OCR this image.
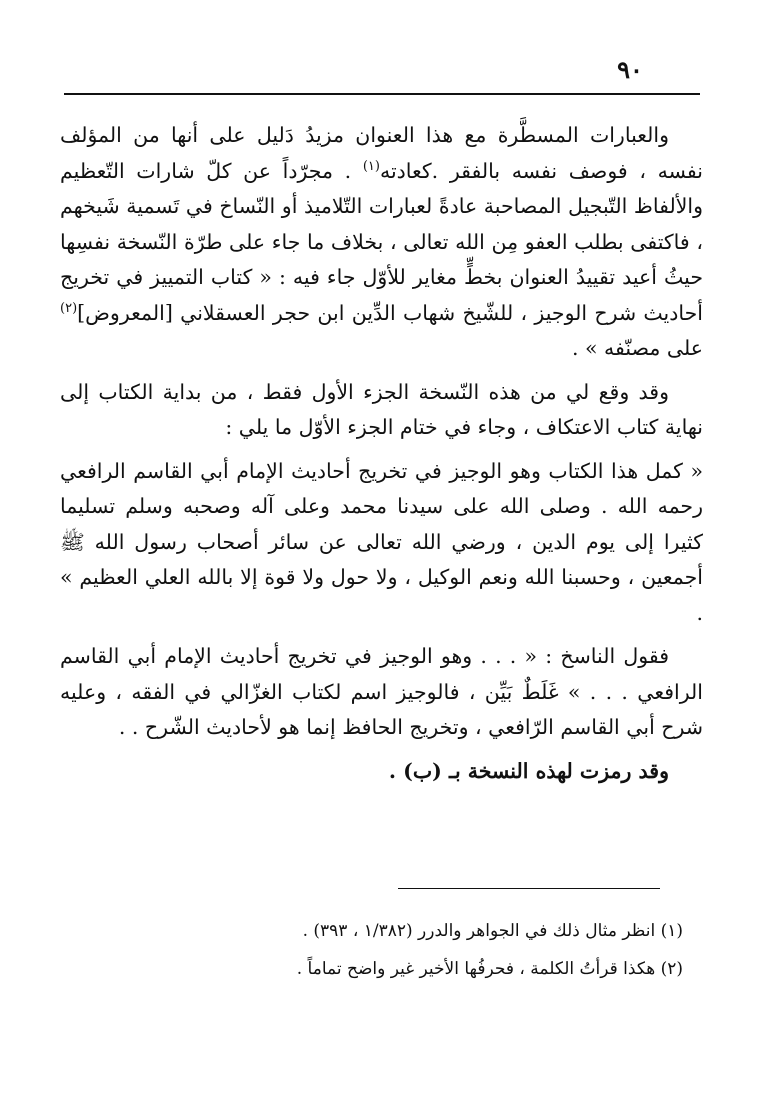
٩٠

والعبارات المسطَّرة مع هذا العنوان مزيدُ دَليل على أنها من المؤلف نفسه ، فوصف نفسه بالفقر .كعادته$^{(١)}$ . مجرّداً عن كلّ شارات التّعظيم والألفاظ التّبجيل المصاحبة عادةً لعبارات التّلاميذ أو النّساخ في تَسمية شَيخهم ، فاكتفى بطلب العفو مِن الله تعالى ، بخلاف ما جاء على طرّة النّسخة نفسِها حيثُ أعيد تقييدُ العنوان بخطٍّ مغاير للأوّل جاء فيه : « كتاب التمييز في تخريج أحاديث شرح الوجيز ، للشّيخ شهاب الدِّين ابن حجر العسقلاني [المعروض]$^{(٢)}$ على مصنّفه » .

وقد وقع لي من هذه النّسخة الجزء الأول فقط ، من بداية الكتاب إلى نهاية كتاب الاعتكاف ، وجاء في ختام الجزء الأوّل ما يلي :

« كمل هذا الكتاب وهو الوجيز في تخريج أحاديث الإمام أبي القاسم الرافعي رحمه الله . وصلى الله على سيدنا محمد وعلى آله وصحبه وسلم تسليما كثيرا إلى يوم الدين ، ورضي الله تعالى عن سائر أصحاب رسول الله ﷺ أجمعين ، وحسبنا الله ونعم الوكيل ، ولا حول ولا قوة إلا بالله العلي العظيم » .

فقول الناسخ : « . . . وهو الوجيز في تخريج أحاديث الإمام أبي القاسم الرافعي . . . » غَلَطٌ بَيِّن ، فالوجيز اسم لكتاب الغزّالي في الفقه ، وعليه شرح أبي القاسم الرّافعي ، وتخريج الحافظ إنما هو لأحاديث الشّرح . .

وقد رمزت لهذه النسخة بـ (ب) .

(١) انظر مثال ذلك في الجواهر والدرر (١/٣٨٢ ، ٣٩٣) .

(٢) هكذا قرأتُ الكلمة ، فحرفُها الأخير غير واضح تماماً .
